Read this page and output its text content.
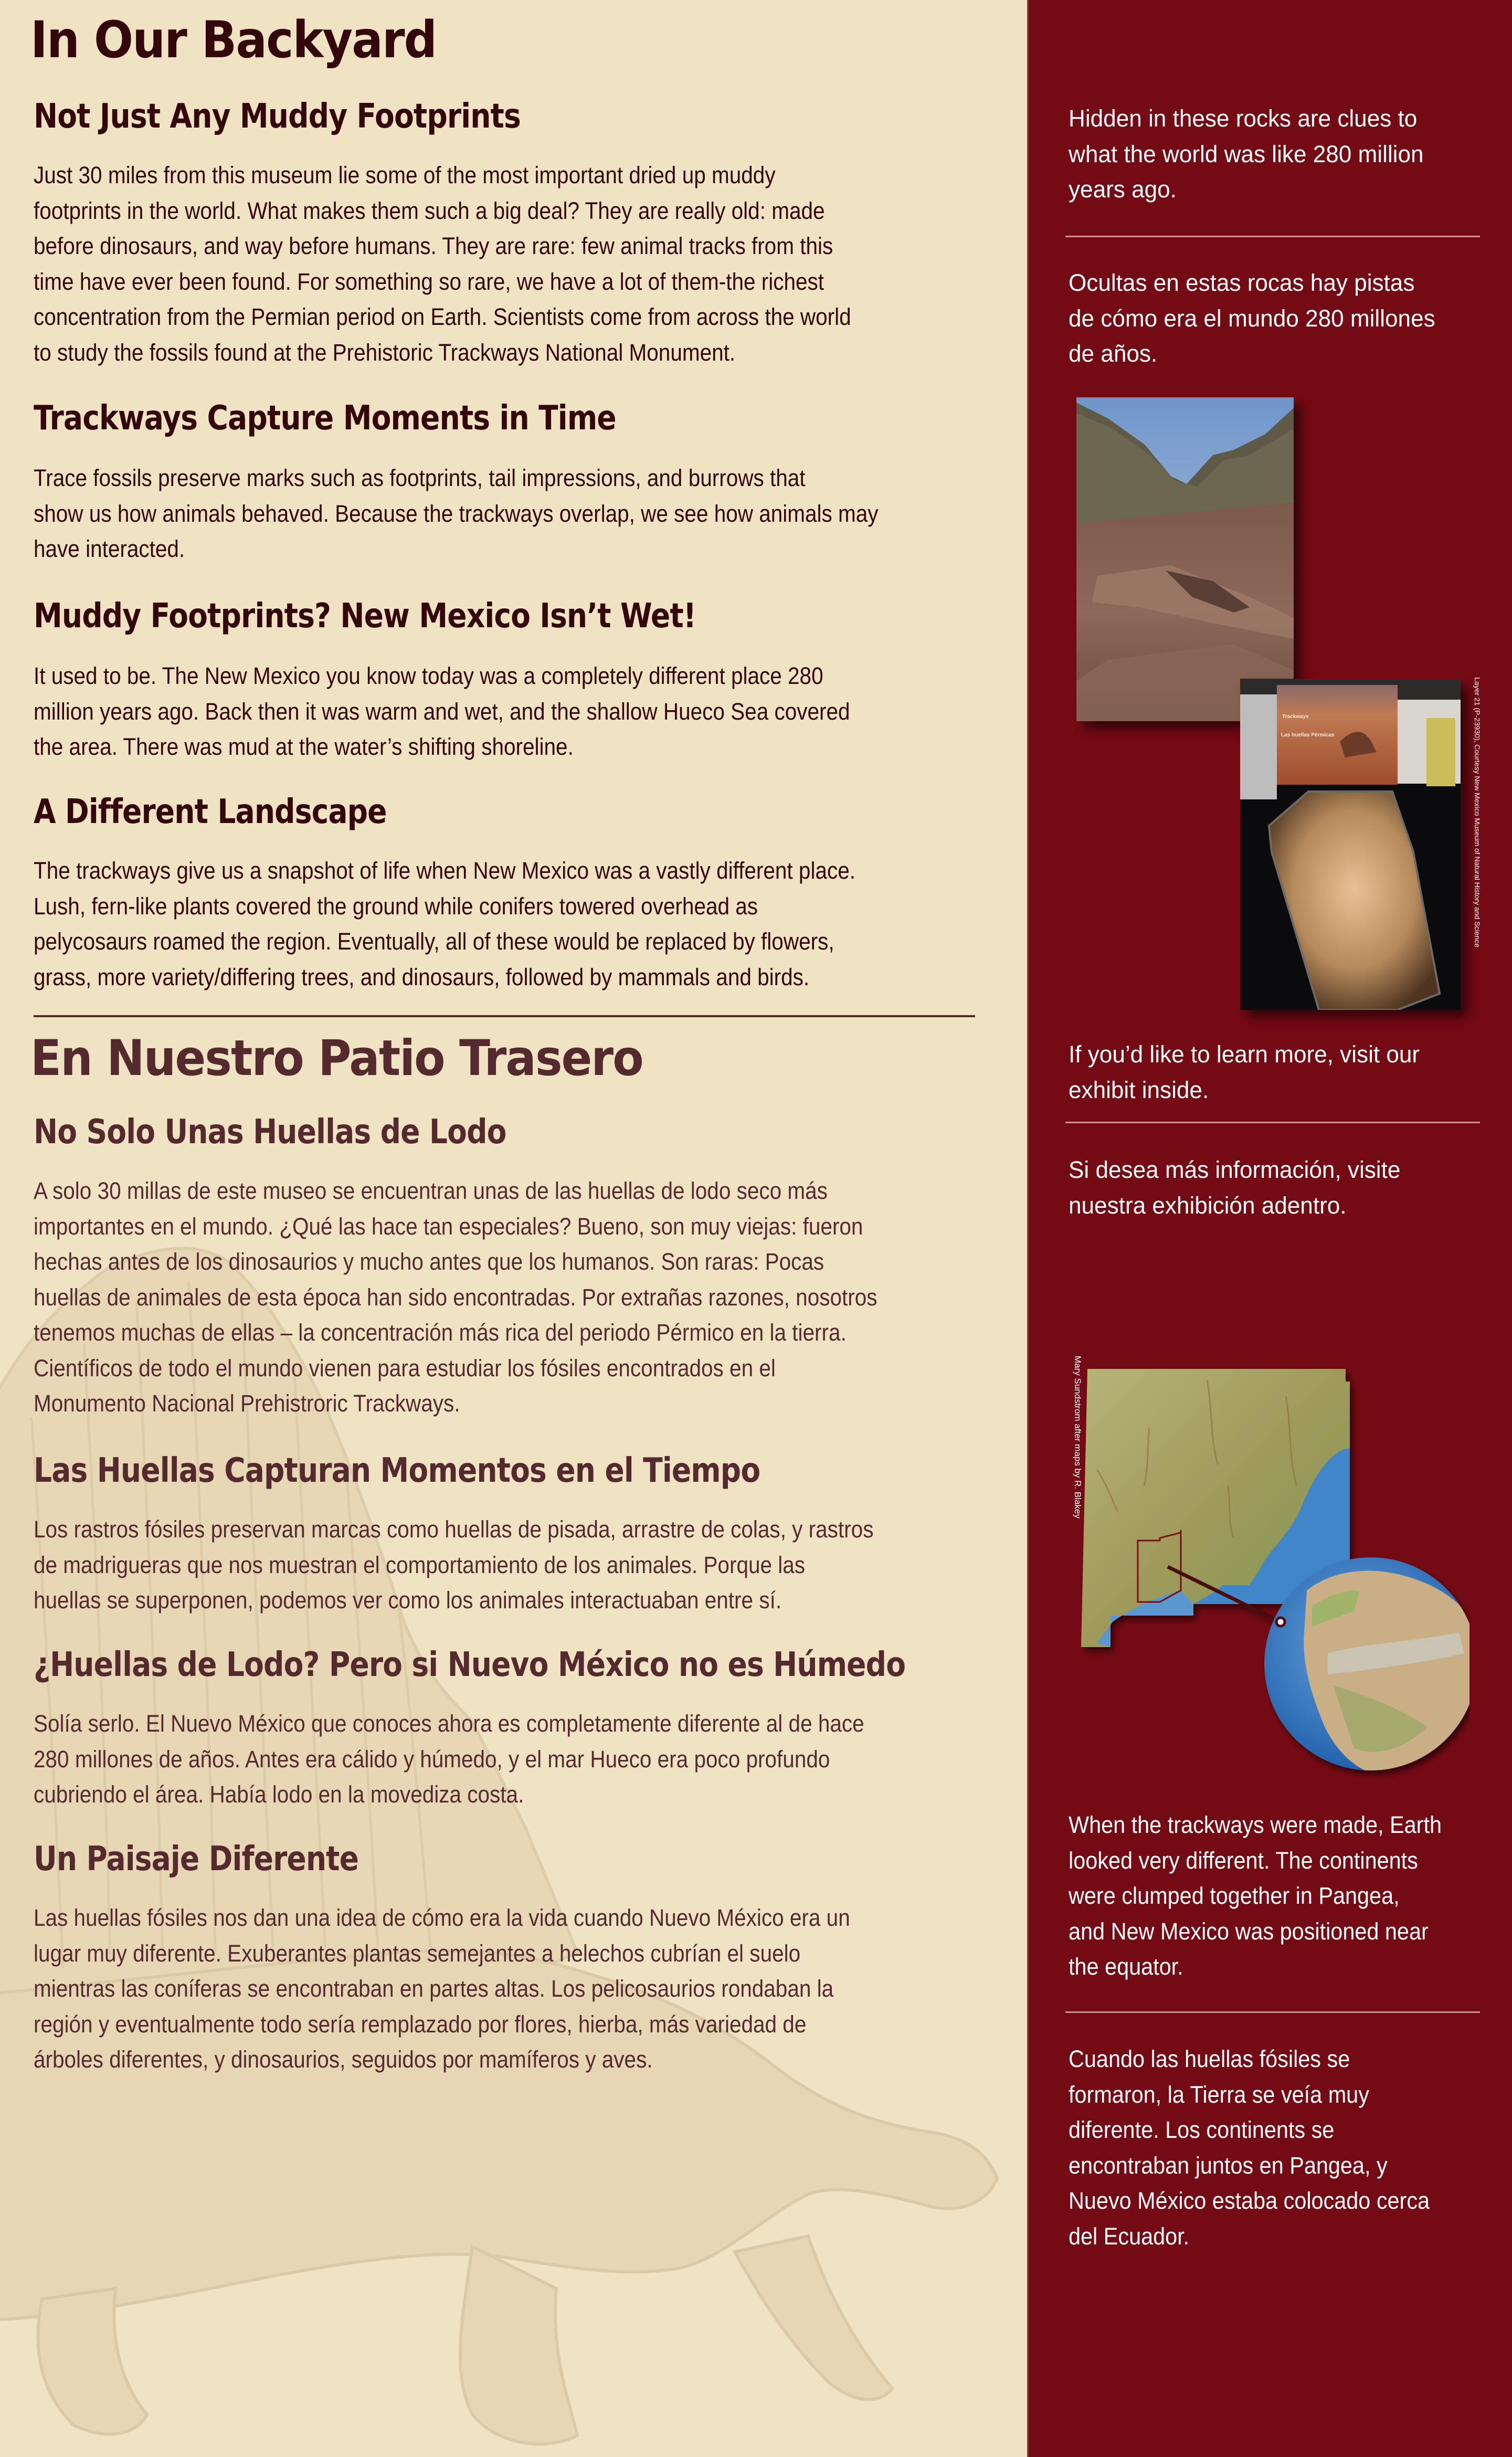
In Our Backyard
Not Just Any Muddy Footprints
Just 30 miles from this museum lie some of the most important dried up muddy
footprints in the world. What makes them such a big deal? They are really old: made
before dinosaurs, and way before humans. They are rare: few animal tracks from this
time have ever been found. For something so rare, we have a lot of them-the richest
concentration from the Permian period on Earth. Scientists come from across the world
to study the fossils found at the Prehistoric Trackways National Monument.
Trackways Capture Moments in Time
Trace fossils preserve marks such as footprints, tail impressions, and burrows that
show us how animals behaved. Because the trackways overlap, we see how animals may
have interacted.
Muddy Footprints? New Mexico Isn’t Wet!
It used to be. The New Mexico you know today was a completely different place 280
million years ago. Back then it was warm and wet, and the shallow Hueco Sea covered
the area. There was mud at the water’s shifting shoreline.
A Different Landscape
The trackways give us a snapshot of life when New Mexico was a vastly different place.
Lush, fern-like plants covered the ground while conifers towered overhead as
pelycosaurs roamed the region. Eventually, all of these would be replaced by flowers,
grass, more variety/differing trees, and dinosaurs, followed by mammals and birds.
En Nuestro Patio Trasero
No Solo Unas Huellas de Lodo
A solo 30 millas de este museo se encuentran unas de las huellas de lodo seco más
importantes en el mundo. ¿Qué las hace tan especiales? Bueno, son muy viejas: fueron
hechas antes de los dinosaurios y mucho antes que los humanos. Son raras: Pocas
huellas de animales de esta época han sido encontradas. Por extrañas razones, nosotros
tenemos muchas de ellas – la concentración más rica del periodo Pérmico en la tierra.
Científicos de todo el mundo vienen para estudiar los fósiles encontrados en el
Monumento Nacional Prehistroric Trackways.
Las Huellas Capturan Momentos en el Tiempo
Los rastros fósiles preservan marcas como huellas de pisada, arrastre de colas, y rastros
de madrigueras que nos muestran el comportamiento de los animales. Porque las
huellas se superponen, podemos ver como los animales interactuaban entre sí.
¿Huellas de Lodo? Pero si Nuevo México no es Húmedo
Solía serlo. El Nuevo México que conoces ahora es completamente diferente al de hace
280 millones de años. Antes era cálido y húmedo, y el mar Hueco era poco profundo
cubriendo el área. Había lodo en la movediza costa.
Un Paisaje Diferente
Las huellas fósiles nos dan una idea de cómo era la vida cuando Nuevo México era un
lugar muy diferente. Exuberantes plantas semejantes a helechos cubrían el suelo
mientras las coníferas se encontraban en partes altas. Los pelicosaurios rondaban la
región y eventualmente todo sería remplazado por flores, hierba, más variedad de
árboles diferentes, y dinosaurios, seguidos por mamíferos y aves.
Hidden in these rocks are clues to
what the world was like 280 million
years ago.
Ocultas en estas rocas hay pistas
de cómo era el mundo 280 millones
de años.
Trackways
Las huellas Pérmicas	Layer 21 (P-23930), Courtesy New Mexico Museum of Natural History and Science
If you’d like to learn more, visit our
exhibit inside.
Si desea más información, visite
nuestra exhibición adentro.
Mary Sundstrom after maps by R. Blakey
When the trackways were made, Earth
looked very different. The continents
were clumped together in Pangea,
and New Mexico was positioned near
the equator.
Cuando las huellas fósiles se
formaron, la Tierra se veía muy
diferente. Los continents se
encontraban juntos en Pangea, y
Nuevo México estaba colocado cerca
del Ecuador.
